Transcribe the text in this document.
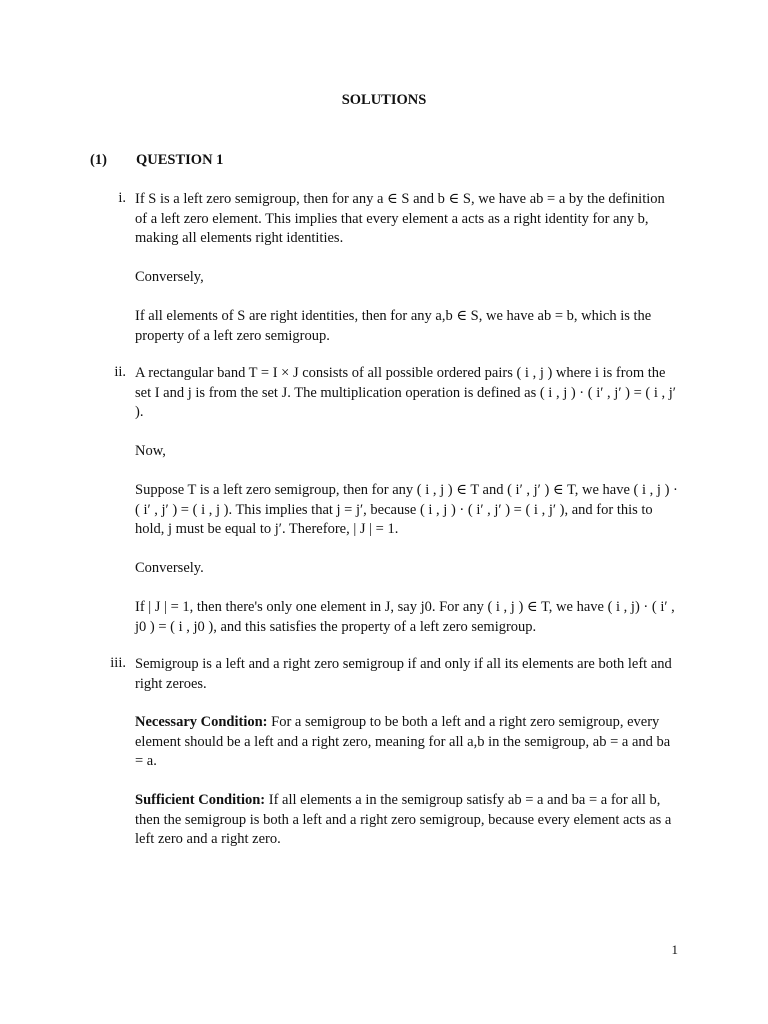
SOLUTIONS
(1) QUESTION 1
i. If S is a left zero semigroup, then for any a ∈ S and b ∈ S, we have ab = a by the definition of a left zero element. This implies that every element a acts as a right identity for any b, making all elements right identities.

Conversely,

If all elements of S are right identities, then for any a,b ∈ S, we have ab = b, which is the property of a left zero semigroup.

ii. A rectangular band T = I × J consists of all possible ordered pairs ( i , j ) where i is from the set I and j is from the set J. The multiplication operation is defined as ( i , j ) · ( i′ , j′ ) = ( i , j′ ).

Now,

Suppose T is a left zero semigroup, then for any ( i , j ) ∈ T and ( i′ , j′ ) ∈ T, we have ( i , j ) · ( i′ , j′ ) = ( i , j ). This implies that j = j′, because ( i , j ) · ( i′ , j′ ) = ( i , j′ ), and for this to hold, j must be equal to j′. Therefore, | J | = 1.

Conversely.

If | J | = 1, then there's only one element in J, say j0. For any ( i , j ) ∈ T, we have ( i , j) · ( i′ , j0 ) = ( i , j0 ), and this satisfies the property of a left zero semigroup.

iii. Semigroup is a left and a right zero semigroup if and only if all its elements are both left and right zeroes.

Necessary Condition: For a semigroup to be both a left and a right zero semigroup, every element should be a left and a right zero, meaning for all a,b in the semigroup, ab = a and ba = a.

Sufficient Condition: If all elements a in the semigroup satisfy ab = a and ba = a for all b, then the semigroup is both a left and a right zero semigroup, because every element acts as a left zero and a right zero.

1
